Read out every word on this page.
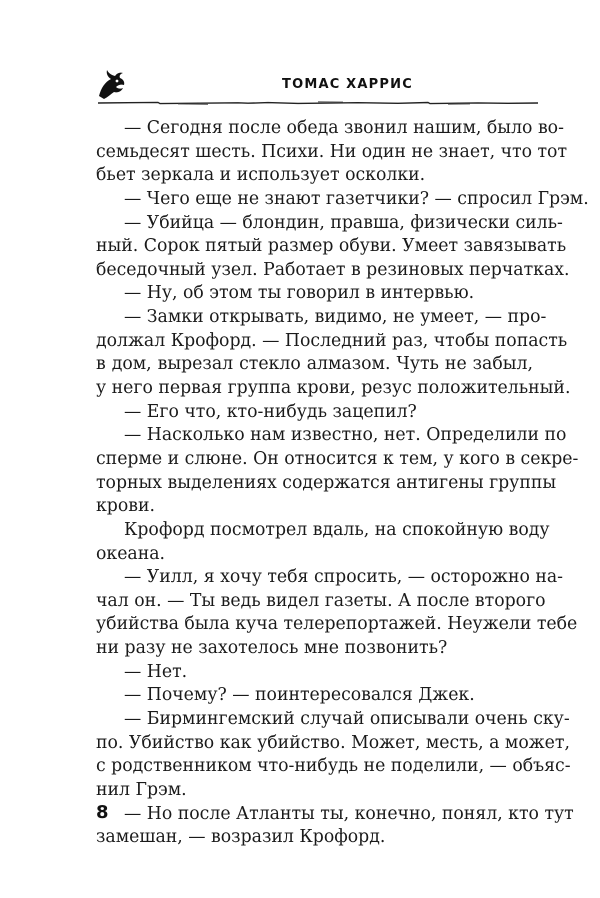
ТОМАС ХАРРИС
— Сегодня после обеда звонил нашим, было во-
семьдесят шесть. Психи. Ни один не знает, что тот
бьет зеркала и использует осколки.
— Чего еще не знают газетчики? — спросил Грэм.
— Убийца — блондин, правша, физически силь-
ный. Сорок пятый размер обуви. Умеет завязывать
беседочный узел. Работает в резиновых перчатках.
— Ну, об этом ты говорил в интервью.
— Замки открывать, видимо, не умеет, — про-
должал Крофорд. — Последний раз, чтобы попасть
в дом, вырезал стекло алмазом. Чуть не забыл,
у него первая группа крови, резус положительный.
— Его что, кто-нибудь зацепил?
— Насколько нам известно, нет. Определили по
сперме и слюне. Он относится к тем, у кого в секре-
торных выделениях содержатся антигены группы
крови.
Крофорд посмотрел вдаль, на спокойную воду
океана.
— Уилл, я хочу тебя спросить, — осторожно на-
чал он. — Ты ведь видел газеты. А после второго
убийства была куча телерепортажей. Неужели тебе
ни разу не захотелось мне позвонить?
— Нет.
— Почему? — поинтересовался Джек.
— Бирмингемский случай описывали очень ску-
по. Убийство как убийство. Может, месть, а может,
с родственником что-нибудь не поделили, — объяс-
нил Грэм.
— Но после Атланты ты, конечно, понял, кто тут
замешан, — возразил Крофорд.
8
